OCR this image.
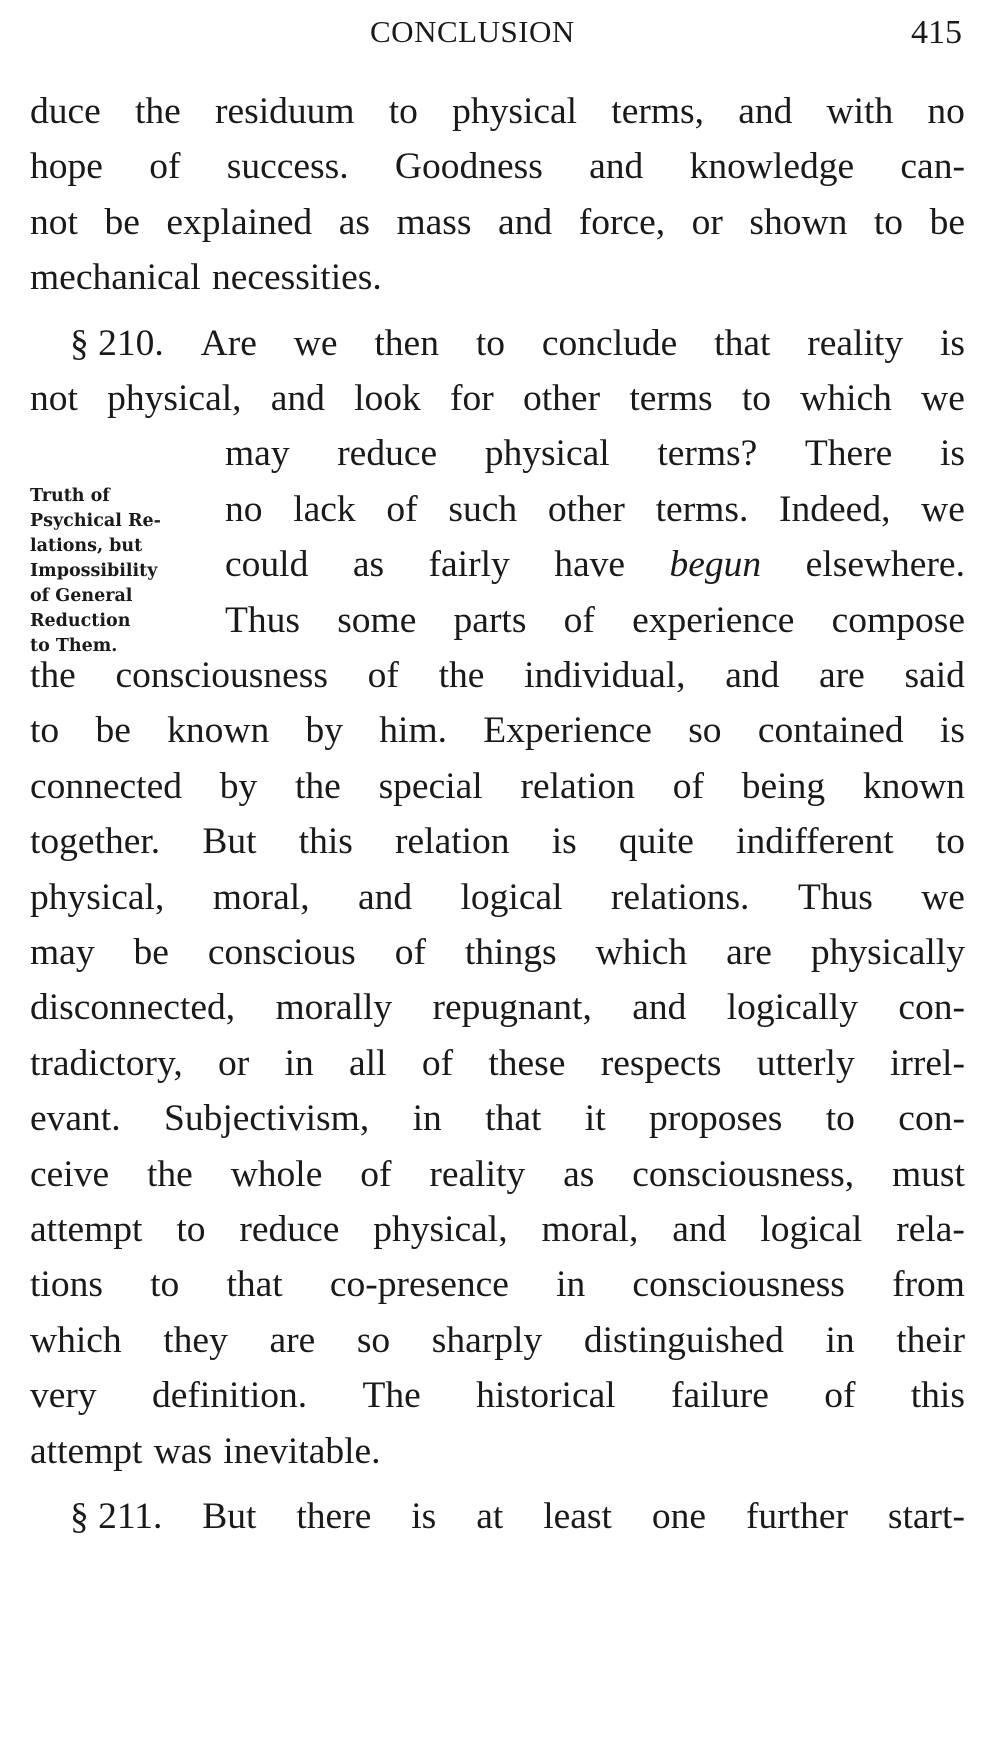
CONCLUSION	415
Truth of
Psychical Re-
lations, but
Impossibility
of General
Reduction
to Them.
duce the residuum to physical terms, and with no
hope of success. Goodness and knowledge can-
not be explained as mass and force, or shown to be
mechanical necessities.
§ 210. Are we then to conclude that reality is
not physical, and look for other terms to which we
may reduce physical terms? There is
no lack of such other terms. Indeed, we
could as fairly have begun elsewhere.
Thus some parts of experience compose
the consciousness of the individual, and are said
to be known by him. Experience so contained is
connected by the special relation of being known
together. But this relation is quite indifferent to
physical, moral, and logical relations. Thus we
may be conscious of things which are physically
disconnected, morally repugnant, and logically con-
tradictory, or in all of these respects utterly irrel-
evant. Subjectivism, in that it proposes to con-
ceive the whole of reality as consciousness, must
attempt to reduce physical, moral, and logical rela-
tions to that co-presence in consciousness from
which they are so sharply distinguished in their
very definition. The historical failure of this
attempt was inevitable.
§ 211. But there is at least one further start-
